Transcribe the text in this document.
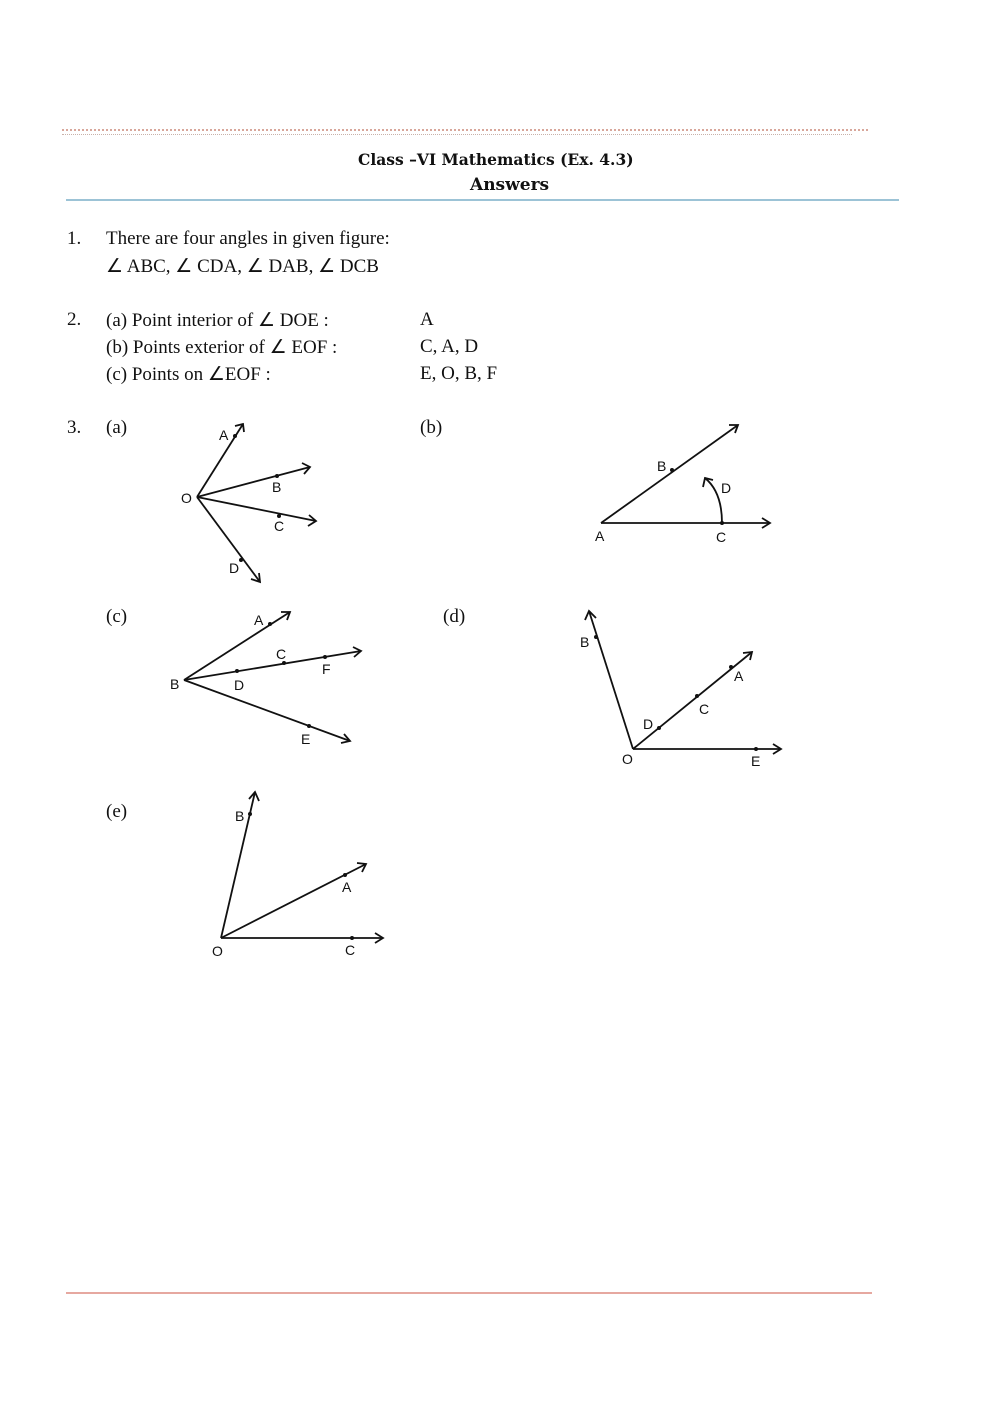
Class –VI Mathematics (Ex. 4.3)
Answers
1. There are four angles in given figure:
∠ ABC, ∠ CDA, ∠ DAB, ∠ DCB
2. (a) Point interior of ∠ DOE :	A
(b) Points exterior of ∠ EOF :	C, A, D
(c) Points on ∠EOF :	E, O, B, F
3. (a)	(b)
(c)	(d)
(e)
A
O
B
C
D
B
D
A	C
A
C
F
B	D
E
B
A
C
D
O	E
B
A
O	C
